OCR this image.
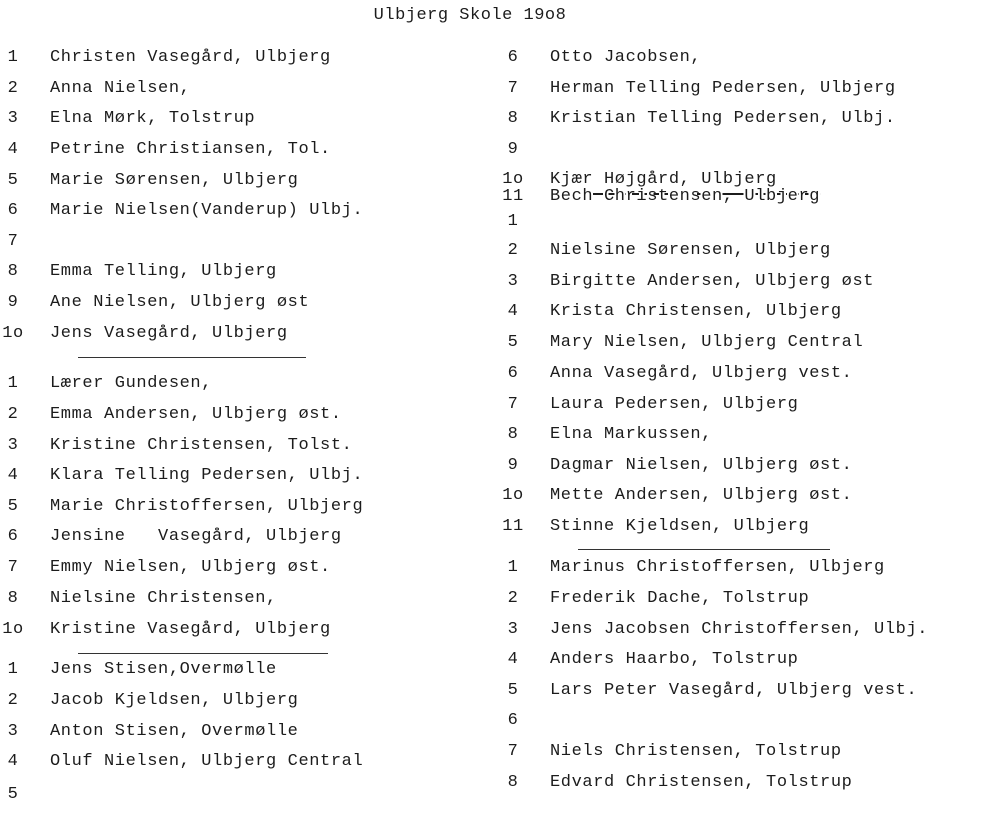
Ulbjerg Skole 19o8
1	Christen Vasegård, Ulbjerg
2	Anna Nielsen,
3	Elna Mørk, Tolstrup
4	Petrine Christiansen, Tol.
5	Marie Sørensen, Ulbjerg
6	Marie Nielsen(Vanderup) Ulbj.
7
8	Emma Telling, Ulbjerg
9	Ane Nielsen, Ulbjerg øst
1o Jens Vasegård, Ulbjerg
1	Lærer Gundesen,
2	Emma Andersen, Ulbjerg øst.
3	Kristine Christensen, Tolst.
4	Klara Telling Pedersen, Ulbj.
5	Marie Christoffersen, Ulbjerg
6	Jensine   Vasegård, Ulbjerg
7	Emmy Nielsen, Ulbjerg øst.
8	Nielsine Christensen,
1o Kristine Vasegård, Ulbjerg
1	Jens Stisen,Overmølle
2	Jacob Kjeldsen, Ulbjerg
3	Anton Stisen, Overmølle
4	Oluf Nielsen, Ulbjerg Central
5
6	Otto Jacobsen,
7	Herman Telling Pedersen, Ulbjerg
8	Kristian Telling Pedersen, Ulbj.
9
1o Kjær Højgård, Ulbjerg
11 Bech Christensen, Ulbjerg
1
2	Nielsine Sørensen, Ulbjerg
3	Birgitte Andersen, Ulbjerg øst
4	Krista Christensen, Ulbjerg
5	Mary Nielsen, Ulbjerg Central
6	Anna Vasegård, Ulbjerg vest.
7	Laura Pedersen, Ulbjerg
8	Elna Markussen,
9	Dagmar Nielsen, Ulbjerg øst.
1o Mette Andersen, Ulbjerg øst.
11 Stinne Kjeldsen, Ulbjerg
1	Marinus Christoffersen, Ulbjerg
2	Frederik Dache, Tolstrup
3	Jens Jacobsen Christoffersen, Ulbj.
4	Anders Haarbo, Tolstrup
5	Lars Peter Vasegård, Ulbjerg vest.
6
7	Niels Christensen, Tolstrup
8	Edvard Christensen, Tolstrup
